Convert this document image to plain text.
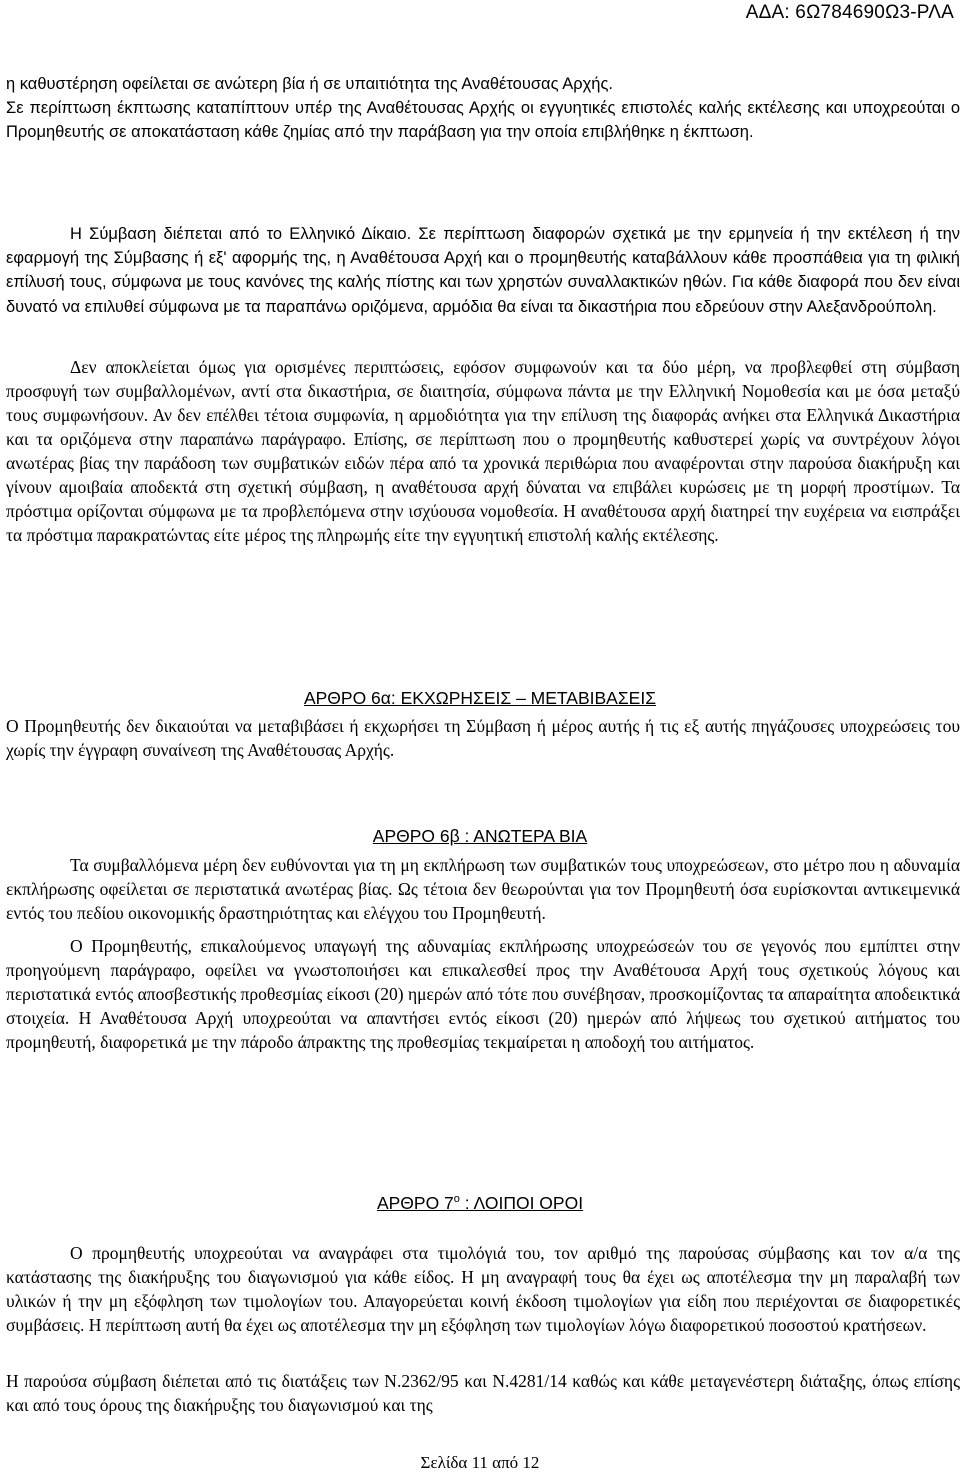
ΑΔΑ: 6Ω784690Ω3-ΡΛΑ

η καθυστέρηση οφείλεται σε ανώτερη βία ή σε υπαιτιότητα της Αναθέτουσας Αρχής.

Σε περίπτωση έκπτωσης καταπίπτουν υπέρ της Αναθέτουσας Αρχής οι εγγυητικές επιστολές καλής εκτέλεσης και υποχρεούται ο Προμηθευτής σε αποκατάσταση κάθε ζημίας από την παράβαση για την οποία επιβλήθηκε η έκπτωση.

Η Σύμβαση διέπεται από το Ελληνικό Δίκαιο. Σε περίπτωση διαφορών σχετικά με την ερμηνεία ή την εκτέλεση ή την εφαρμογή της Σύμβασης ή εξ' αφορμής της, η Αναθέτουσα Αρχή και ο προμηθευτής καταβάλλουν κάθε προσπάθεια για τη φιλική επίλυσή τους, σύμφωνα με τους κανόνες της καλής πίστης και των χρηστών συναλλακτικών ηθών. Για κάθε διαφορά που δεν είναι δυνατό να επιλυθεί σύμφωνα με τα παραπάνω οριζόμενα, αρμόδια θα είναι τα δικαστήρια που εδρεύουν στην Αλεξανδρούπολη.

Δεν αποκλείεται όμως για ορισμένες περιπτώσεις, εφόσον συμφωνούν και τα δύο μέρη, να προβλεφθεί στη σύμβαση προσφυγή των συμβαλλομένων, αντί στα δικαστήρια, σε διαιτησία, σύμφωνα πάντα με την Ελληνική Νομοθεσία και με όσα μεταξύ τους συμφωνήσουν. Αν δεν επέλθει τέτοια συμφωνία, η αρμοδιότητα για την επίλυση της διαφοράς ανήκει στα Ελληνικά Δικαστήρια και τα οριζόμενα στην παραπάνω παράγραφο. Επίσης, σε περίπτωση που ο προμηθευτής καθυστερεί χωρίς να συντρέχουν λόγοι ανωτέρας βίας την παράδοση των συμβατικών ειδών πέρα από τα χρονικά περιθώρια που αναφέρονται στην παρούσα διακήρυξη και γίνουν αμοιβαία αποδεκτά στη σχετική σύμβαση, η αναθέτουσα αρχή δύναται να επιβάλει κυρώσεις με τη μορφή προστίμων. Τα πρόστιμα ορίζονται σύμφωνα με τα προβλεπόμενα στην ισχύουσα νομοθεσία. Η αναθέτουσα αρχή διατηρεί την ευχέρεια να εισπράξει τα πρόστιμα παρακρατώντας είτε μέρος της πληρωμής είτε την εγγυητική επιστολή καλής εκτέλεσης.

ΑΡΘΡΟ 6α: ΕΚΧΩΡΗΣΕΙΣ – ΜΕΤΑΒΙΒΑΣΕΙΣ

Ο Προμηθευτής δεν δικαιούται να μεταβιβάσει ή εκχωρήσει τη Σύμβαση ή μέρος αυτής ή τις εξ αυτής πηγάζουσες υποχρεώσεις του χωρίς την έγγραφη συναίνεση της Αναθέτουσας Αρχής.

ΑΡΘΡΟ 6β : ΑΝΩΤΕΡΑ ΒΙΑ

Τα συμβαλλόμενα μέρη δεν ευθύνονται για τη μη εκπλήρωση των συμβατικών τους υποχρεώσεων, στο μέτρο που η αδυναμία εκπλήρωσης οφείλεται σε περιστατικά ανωτέρας βίας. Ως τέτοια δεν θεωρούνται για τον Προμηθευτή όσα ευρίσκονται αντικειμενικά εντός του πεδίου οικονομικής δραστηριότητας και ελέγχου του Προμηθευτή.

Ο Προμηθευτής, επικαλούμενος υπαγωγή της αδυναμίας εκπλήρωσης υποχρεώσεών του σε γεγονός που εμπίπτει στην προηγούμενη παράγραφο, οφείλει να γνωστοποιήσει και επικαλεσθεί προς την Αναθέτουσα Αρχή τους σχετικούς λόγους και περιστατικά εντός αποσβεστικής προθεσμίας είκοσι (20) ημερών από τότε που συνέβησαν, προσκομίζοντας τα απαραίτητα αποδεικτικά στοιχεία. Η Αναθέτουσα Αρχή υποχρεούται να απαντήσει εντός είκοσι (20) ημερών από λήψεως του σχετικού αιτήματος του προμηθευτή, διαφορετικά με την πάροδο άπρακτης της προθεσμίας τεκμαίρεται η αποδοχή του αιτήματος.

ΑΡΘΡΟ $7^o$ : ΛΟΙΠΟΙ ΟΡΟΙ

Ο προμηθευτής υποχρεούται να αναγράφει στα τιμολόγιά του, τον αριθμό της παρούσας σύμβασης και τον α/α της κατάστασης της διακήρυξης του διαγωνισμού για κάθε είδος. Η μη αναγραφή τους θα έχει ως αποτέλεσμα την μη παραλαβή των υλικών ή την μη εξόφληση των τιμολογίων του. Απαγορεύεται κοινή έκδοση τιμολογίων για είδη που περιέχονται σε διαφορετικές συμβάσεις. Η περίπτωση αυτή θα έχει ως αποτέλεσμα την μη εξόφληση των τιμολογίων λόγω διαφορετικού ποσοστού κρατήσεων.

Η παρούσα σύμβαση διέπεται από τις διατάξεις των Ν.2362/95 και Ν.4281/14 καθώς και κάθε μεταγενέστερη διάταξης, όπως επίσης και από τους όρους της διακήρυξης του διαγωνισμού και της

Σελίδα 11 από 12
